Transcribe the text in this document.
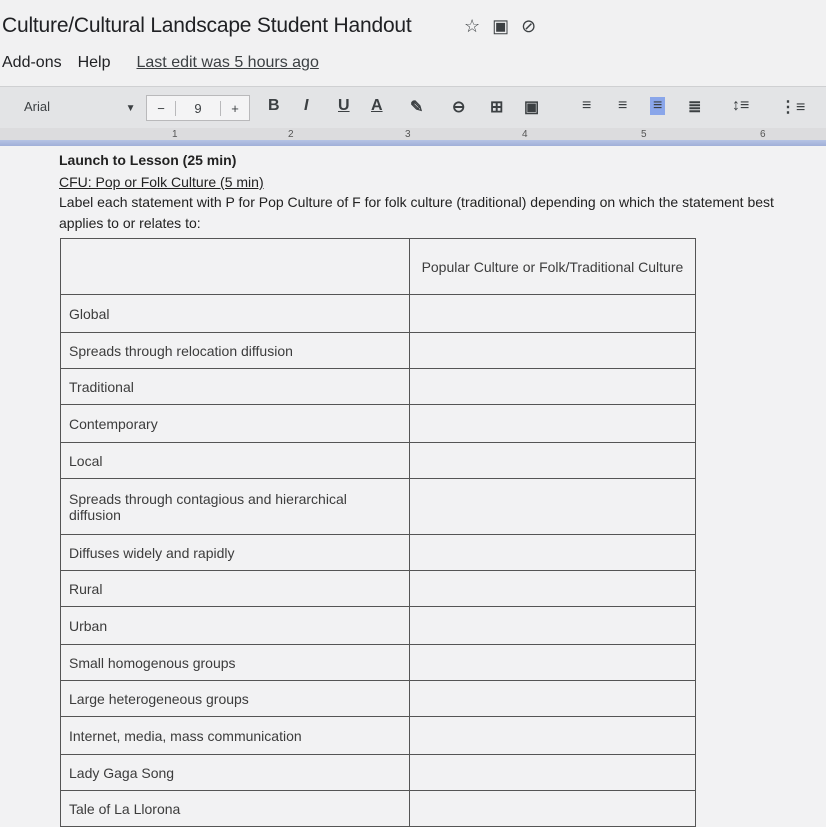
Culture/Cultural Landscape Student Handout	☆ ▣ ⊘
Add-ons Help Last edit was 5 hours ago
Arial	▼	−	9	+	B I U A ✎ ⊖ ⊞ ▣	≡ ≡ ≡ ≣ ↕≡ ⋮≡
1	2	3	4	5	6
Launch to Lesson (25 min)
CFU: Pop or Folk Culture (5 min)
Label each statement with P for Pop Culture of F for folk culture (traditional) depending on which the statement best applies to or relates to:
	Popular Culture or Folk/Traditional Culture
Global	
Spreads through relocation diffusion	
Traditional	
Contemporary	
Local	
Spreads through contagious and hierarchical diffusion	
Diffuses widely and rapidly	
Rural	
Urban	
Small homogenous groups	
Large heterogeneous groups	
Internet, media, mass communication	
Lady Gaga Song	
Tale of La Llorona	
